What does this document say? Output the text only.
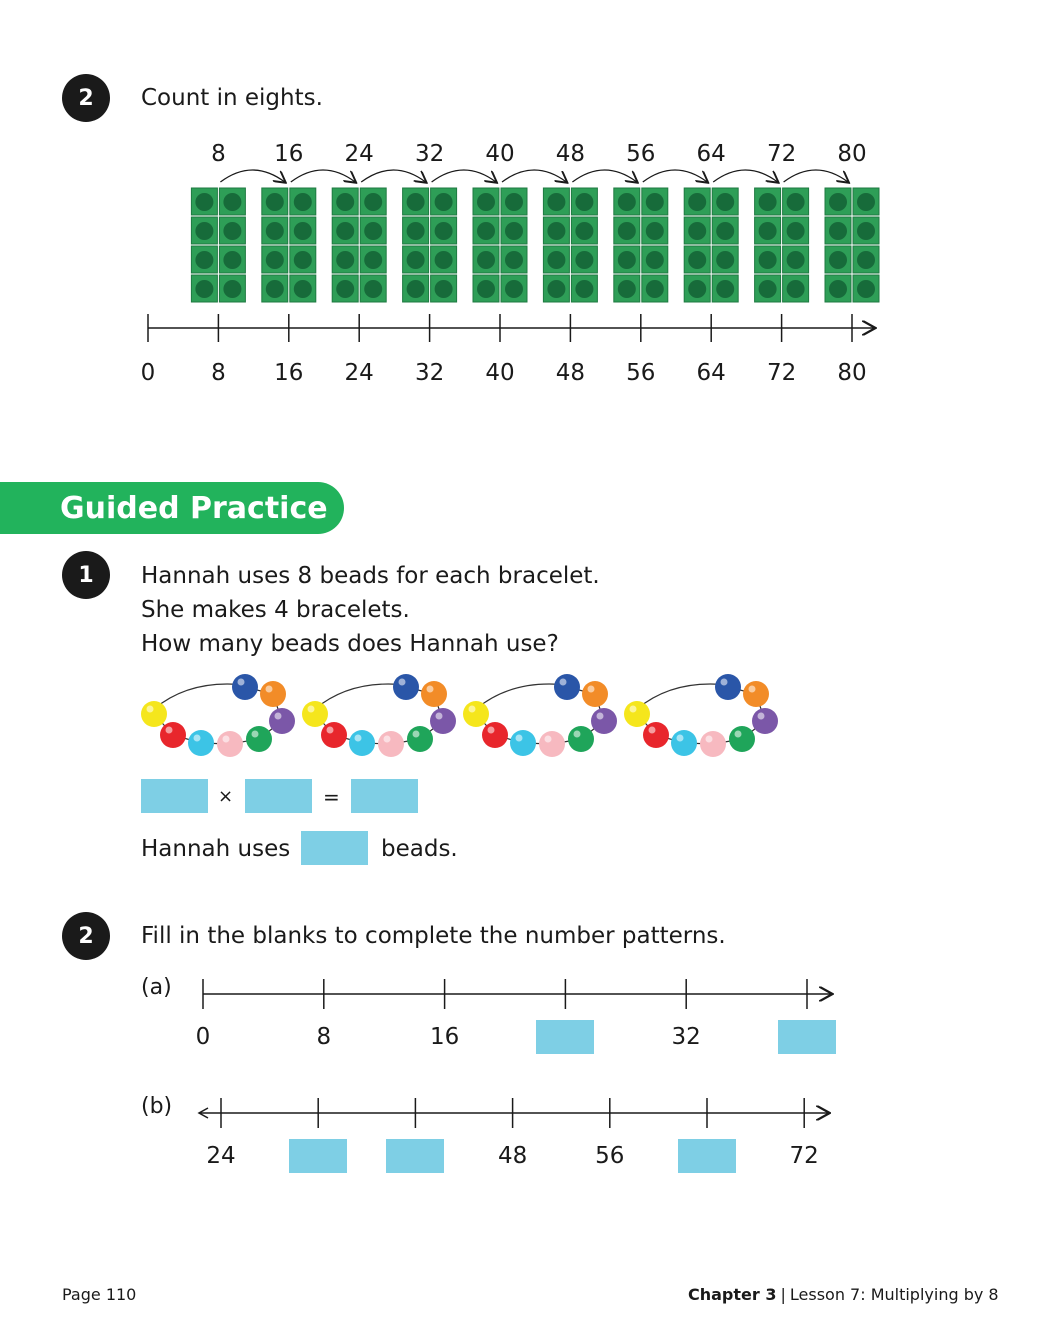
2	Count in eights.
8 16 24 32 40 48 56 64 72 80
0 8 16 24 32 40 48 56 64 72 80
Guided Practice
1	Hannah uses 8 beads for each bracelet.
She makes 4 bracelets.
How many beads does Hannah use?
×	=
Hannah uses	beads.
2	Fill in the blanks to complete the number patterns.
(a)
(b)
0	8	16	32
24	48	56	72
Page 110	Chapter 3 | Lesson 7: Multiplying by 8
